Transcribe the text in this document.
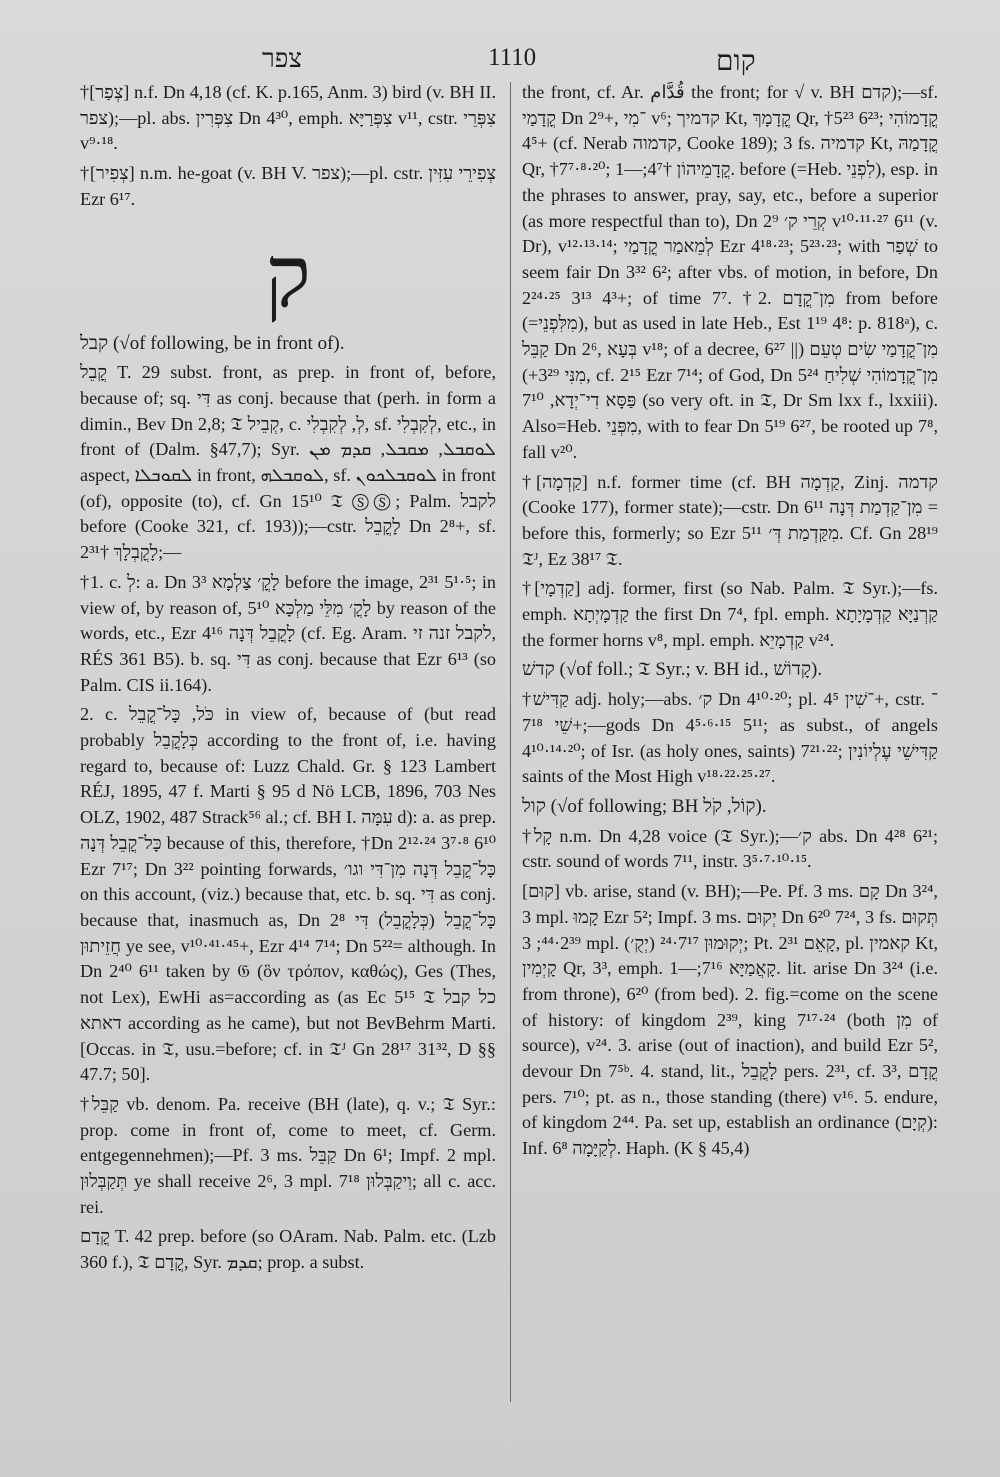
צפר	1110	קום

†[צְפַר] n.f. Dn 4,18 (cf. K. p.165, Anm. 3) bird (v. BH II. צפר);—pl. abs. צִפְּרִין Dn 4³⁰, emph. צִפְּרַיָּא v¹¹, cstr. צִפְּרֵי v⁹·¹⁸.

†[צְפִיר] n.m. he-goat (v. BH V. צפר);—pl. cstr. צְפִירֵי עִזִּין Ezr 6¹⁷.

ק

קבל (√of following, be in front of).

קֳבֵל T. 29 subst. front, as prep. in front of, before, because of; sq. דִּי as conj. because that (perh. in form a dimin., Bev Dn 2,8; 𝔗 קְבֵיל, c. לְ, לְקִבְלִי, sf. לְקִבְלִי, etc., in front of (Dalm. §47,7); Syr. ܠܘܩܒܠ, ܡܩܒܠ, ܩܕܡ ܡܢ aspect, ܠܩܘܒܠܐ in front, ܠܘܩܒܠܗ, sf. ܠܘܩܒܠܟܘܢ in front (of), opposite (to), cf. Gn 15¹⁰ 𝔗 ⓈⓈ; Palm. לקבל before (Cooke 321, cf. 193));—cstr. לָקֳבֵל Dn 2⁸+, sf. לָקֳבְלָךְ †2³¹;—

†1. c. לְ: a. Dn 3³ לָקֳ׳ צַלְמָא before the image, 2³¹ 5¹·⁵; in view of, by reason of, לָקֳ׳ מִלֵּי מַלְכָּא 5¹⁰ by reason of the words, etc., Ezr 4¹⁶ לָקֳבֵל דְּנָה (cf. Eg. Aram. לקבל זנה זי, RÉS 361 B5). b. sq. דִּי as conj. because that Ezr 6¹³ (so Palm. CIS ii.164).

2. c. כֹּל, כָּל־קֳבֵל in view of, because of (but read probably כְּלָקֳבֵל according to the front of, i.e. having regard to, because of: Luzz Chald. Gr. § 123 Lambert RÉJ, 1895, 47 f. Marti § 95 d Nö LCB, 1896, 703 Nes OLZ, 1902, 487 Strack⁵⁶ al.; cf. BH I. עִמָּה d): a. as prep. כָּל־קֳבֵל דְּנָה because of this, therefore, †Dn 2¹²·²⁴ 3⁷·⁸ 6¹⁰ Ezr 7¹⁷; Dn 3²² pointing forwards, כָּל־קֳבֵל דְּנָה מִן־דִּי וגו׳ on this account, (viz.) because that, etc. b. sq. דִּי as conj. because that, inasmuch as, Dn 2⁸ כָּל־קֳבֵל (כְּלָקֳבֵל) דִּי חֲזֵיתוּן ye see, v¹⁰·⁴¹·⁴⁵+, Ezr 4¹⁴ 7¹⁴; Dn 5²²= although. In Dn 2⁴⁰ 6¹¹ taken by 𝔊 (ὃν τρόπον, καθώς), Ges (Thes, not Lex), EwHi as=according as (as Ec 5¹⁵ 𝔗 כל קבל דאתא according as he came), but not BevBehrm Marti. [Occas. in 𝔗, usu.=before; cf. in 𝔗ᴶ Gn 28¹⁷ 31³², D §§ 47.7; 50].

†קַבֵּל vb. denom. Pa. receive (BH (late), q. v.; 𝔗 Syr.: prop. come in front of, come to meet, cf. Germ. entgegennehmen);—Pf. 3 ms. קַבֵּל Dn 6¹; Impf. 2 mpl. תְּקַבְּלוּן ye shall receive 2⁶, 3 mpl. וִיקַבְּלוּן 7¹⁸; all c. acc. rei.

קֳדָם T. 42 prep. before (so OAram. Nab. Palm. etc. (Lzb 360 f.), 𝔗 קֳדָם, Syr. ܩܕܡ; prop. a subst.

the front, cf. Ar. قُدَّام the front; for √ v. BH קדם);—sf. קֳדָמַי Dn 2⁹+, ־מִי v⁶; קדמיך Kt, קֳדָמָךְ Qr, †5²³ 6²³; קֳדָמוֹהִי 4⁵+ (cf. Nerab קדמוה, Cooke 189); 3 fs. קדמיה Kt, קֳדָמַהּ Qr, †7⁷·⁸·²⁰; קֳדָמֵיהוֹן †4⁷;—1. before (=Heb. לִפְנֵי), esp. in the phrases to answer, pray, say, etc., before a superior (as more respectful than to), Dn 2⁹ קְרֵי ק׳ v¹⁰·¹¹·²⁷ 6¹¹ (v. Dr), v¹²·¹³·¹⁴; לְמֵאמַר קֳדָמַי Ezr 4¹⁸·²³; 5²³·²³; with שְׁפַר to seem fair Dn 3³² 6²; after vbs. of motion, in before, Dn 2²⁴·²⁵ 3¹³ 4³+; of time 7⁷. †2. מִן־קֳדָם from before (=מִלִּפְנֵי), but as used in late Heb., Est 1¹⁹ 4⁸: p. 818ᵃ), c. קַבֵּל Dn 2⁶, בְּעָא v¹⁸; of a decree, 6²⁷ מִן־קֳדָמַי שִׂים טְעֵם (|| מִנִּי 3²⁹+), cf. 2¹⁵ Ezr 7¹⁴; of God, Dn 5²⁴ מִן־קֳדָמוֹהִי שְׁלִיחַ פַּסָּא דִי־יְדָא, 7¹⁰ (so very oft. in 𝔗, Dr Sm lxx f., lxxiii). Also=Heb. מִפְּנֵי, with to fear Dn 5¹⁹ 6²⁷, be rooted up 7⁸, fall v²⁰.

†[קַדְמָה] n.f. former time (cf. BH קַדְמָה, Zinj. קדמה (Cooke 177), former state);—cstr. Dn 6¹¹ מִן־קַדְמַת דְּנָה = before this, formerly; so Ezr 5¹¹ מִקַּדְמַת דְּ׳. Cf. Gn 28¹⁹ 𝔗ᴶ, Ez 38¹⁷ 𝔗.

†[קַדְמָי] adj. former, first (so Nab. Palm. 𝔗 Syr.);—fs. emph. קַדְמָיְתָא the first Dn 7⁴, fpl. emph. קַרְנַיָּא קַדְמָיָתָא the former horns v⁸, mpl. emph. קַדְמָיֵא v²⁴.

קדשׁ (√of foll.; 𝔗 Syr.; v. BH id., קָדוֹשׁ).

†קַדִּישׁ adj. holy;—abs. ק׳ Dn 4¹⁰·²⁰; pl. ־שִׁין 4⁵+, cstr. ־שֵׁי 7¹⁸+;—gods Dn 4⁵·⁶·¹⁵ 5¹¹; as subst., of angels 4¹⁰·¹⁴·²⁰; of Isr. (as holy ones, saints) 7²¹·²²; קַדִּישֵׁי עֶלְיוֹנִין saints of the Most High v¹⁸·²²·²⁵·²⁷.

קול (√of following; BH קוֹל, קֹל).

†קָל n.m. Dn 4,28 voice (𝔗 Syr.);—ק׳ abs. Dn 4²⁸ 6²¹; cstr. sound of words 7¹¹, instr. 3⁵·⁷·¹⁰·¹⁵.

[קוּם] vb. arise, stand (v. BH);—Pe. Pf. 3 ms. קָם Dn 3²⁴, 3 mpl. קָמוּ Ezr 5²; Impf. 3 ms. יְקוּם Dn 6²⁰ 7²⁴, 3 fs. תְּקוּם 2³⁹·⁴⁴; 3 mpl. יְקוּמוּן 7¹⁷·²⁴ (יְקֻ׳); Pt. קָאֵם 2³¹, pl. קאמין Kt, קָיְמִין Qr, 3³, emph. קָאֲמַיָּא 7¹⁶;—1. lit. arise Dn 3²⁴ (i.e. from throne), 6²⁰ (from bed). 2. fig.=come on the scene of history: of kingdom 2³⁹, king 7¹⁷·²⁴ (both מִן of source), v²⁴. 3. arise (out of inaction), and build Ezr 5², devour Dn 7⁵ᵇ. 4. stand, lit., לָקֳבֵל pers. 2³¹, cf. 3³, קֳדָם pers. 7¹⁰; pt. as n., those standing (there) v¹⁶. 5. endure, of kingdom 2⁴⁴. Pa. set up, establish an ordinance (קְיָם): Inf. לְקַיָּמָה 6⁸. Haph. (K § 45,4)
